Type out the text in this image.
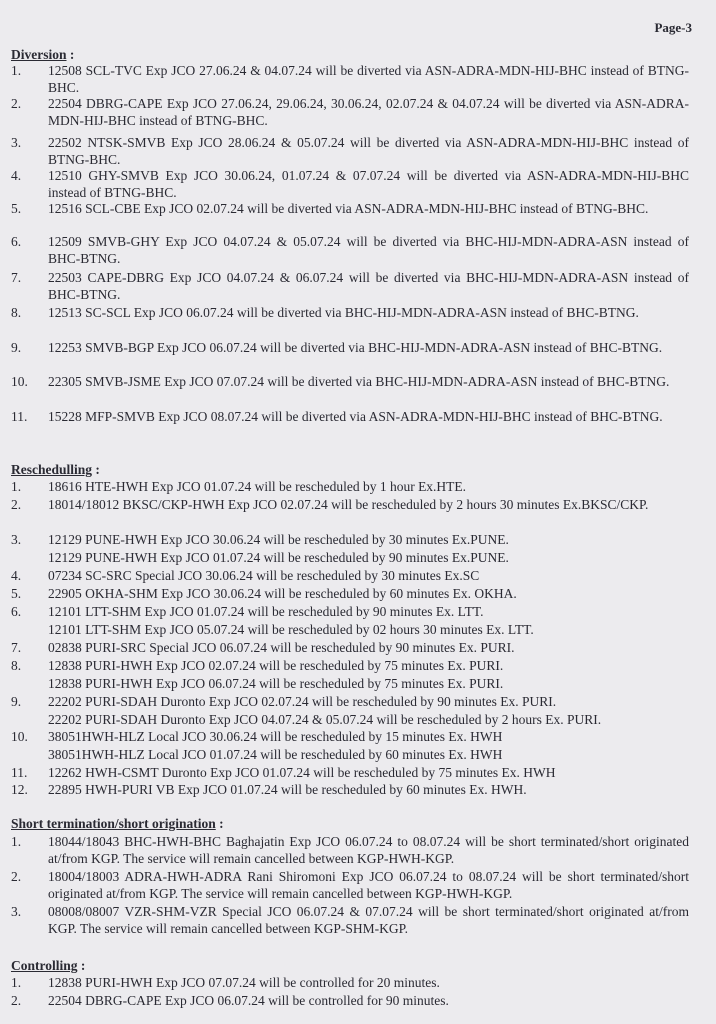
Page-3
Diversion :
1. 12508 SCL-TVC Exp JCO 27.06.24 & 04.07.24 will be diverted via ASN-ADRA-MDN-HIJ-BHC instead of BTNG-BHC.
2. 22504 DBRG-CAPE Exp JCO 27.06.24, 29.06.24, 30.06.24, 02.07.24 & 04.07.24 will be diverted via ASN-ADRA-MDN-HIJ-BHC instead of BTNG-BHC.
3. 22502 NTSK-SMVB Exp JCO 28.06.24 & 05.07.24 will be diverted via ASN-ADRA-MDN-HIJ-BHC instead of BTNG-BHC.
4. 12510 GHY-SMVB Exp JCO 30.06.24, 01.07.24 & 07.07.24 will be diverted via ASN-ADRA-MDN-HIJ-BHC instead of BTNG-BHC.
5. 12516 SCL-CBE Exp JCO 02.07.24 will be diverted via ASN-ADRA-MDN-HIJ-BHC instead of BTNG-BHC.
6. 12509 SMVB-GHY Exp JCO 04.07.24 & 05.07.24 will be diverted via BHC-HIJ-MDN-ADRA-ASN instead of BHC-BTNG.
7. 22503 CAPE-DBRG Exp JCO 04.07.24 & 06.07.24 will be diverted via BHC-HIJ-MDN-ADRA-ASN instead of BHC-BTNG.
8. 12513 SC-SCL Exp JCO 06.07.24 will be diverted via BHC-HIJ-MDN-ADRA-ASN instead of BHC-BTNG.
9. 12253 SMVB-BGP Exp JCO 06.07.24 will be diverted via BHC-HIJ-MDN-ADRA-ASN instead of BHC-BTNG.
10. 22305 SMVB-JSME Exp JCO 07.07.24 will be diverted via BHC-HIJ-MDN-ADRA-ASN instead of BHC-BTNG.
11. 15228 MFP-SMVB Exp JCO 08.07.24 will be diverted via ASN-ADRA-MDN-HIJ-BHC instead of BHC-BTNG.
Reschedulling :
1. 18616 HTE-HWH Exp JCO 01.07.24 will be rescheduled by 1 hour Ex.HTE.
2. 18014/18012 BKSC/CKP-HWH Exp JCO 02.07.24 will be rescheduled by 2 hours 30 minutes Ex.BKSC/CKP.
3. 12129 PUNE-HWH Exp JCO 30.06.24 will be rescheduled by 30 minutes Ex.PUNE.
12129 PUNE-HWH Exp JCO 01.07.24 will be rescheduled by 90 minutes Ex.PUNE.
4. 07234 SC-SRC Special JCO 30.06.24 will be rescheduled by 30 minutes Ex.SC
5. 22905 OKHA-SHM Exp JCO 30.06.24 will be rescheduled by 60 minutes Ex. OKHA.
6. 12101 LTT-SHM Exp JCO 01.07.24 will be rescheduled by 90 minutes Ex. LTT.
12101 LTT-SHM Exp JCO 05.07.24 will be rescheduled by 02 hours 30 minutes Ex. LTT.
7. 02838 PURI-SRC Special JCO 06.07.24 will be rescheduled by 90 minutes Ex. PURI.
8. 12838 PURI-HWH Exp JCO 02.07.24 will be rescheduled by 75 minutes Ex. PURI.
12838 PURI-HWH Exp JCO 06.07.24 will be rescheduled by 75 minutes Ex. PURI.
9. 22202 PURI-SDAH Duronto Exp JCO 02.07.24 will be rescheduled by 90 minutes Ex. PURI.
22202 PURI-SDAH Duronto Exp JCO 04.07.24 & 05.07.24 will be rescheduled by 2 hours Ex. PURI.
10. 38051HWH-HLZ Local JCO 30.06.24 will be rescheduled by 15 minutes Ex. HWH
38051HWH-HLZ Local JCO 01.07.24 will be rescheduled by 60 minutes Ex. HWH
11. 12262 HWH-CSMT Duronto Exp JCO 01.07.24 will be rescheduled by 75 minutes Ex. HWH
12. 22895 HWH-PURI VB Exp JCO 01.07.24 will be rescheduled by 60 minutes Ex. HWH.
Short termination/short origination :
1. 18044/18043 BHC-HWH-BHC Baghajatin Exp JCO 06.07.24 to 08.07.24 will be short terminated/short originated at/from KGP. The service will remain cancelled between KGP-HWH-KGP.
2. 18004/18003 ADRA-HWH-ADRA Rani Shiromoni Exp JCO 06.07.24 to 08.07.24 will be short terminated/short originated at/from KGP. The service will remain cancelled between KGP-HWH-KGP.
3. 08008/08007 VZR-SHM-VZR Special JCO 06.07.24 & 07.07.24 will be short terminated/short originated at/from KGP. The service will remain cancelled between KGP-SHM-KGP.
Controlling :
1. 12838 PURI-HWH Exp JCO 07.07.24 will be controlled for 20 minutes.
2. 22504 DBRG-CAPE Exp JCO 06.07.24 will be controlled for 90 minutes.
